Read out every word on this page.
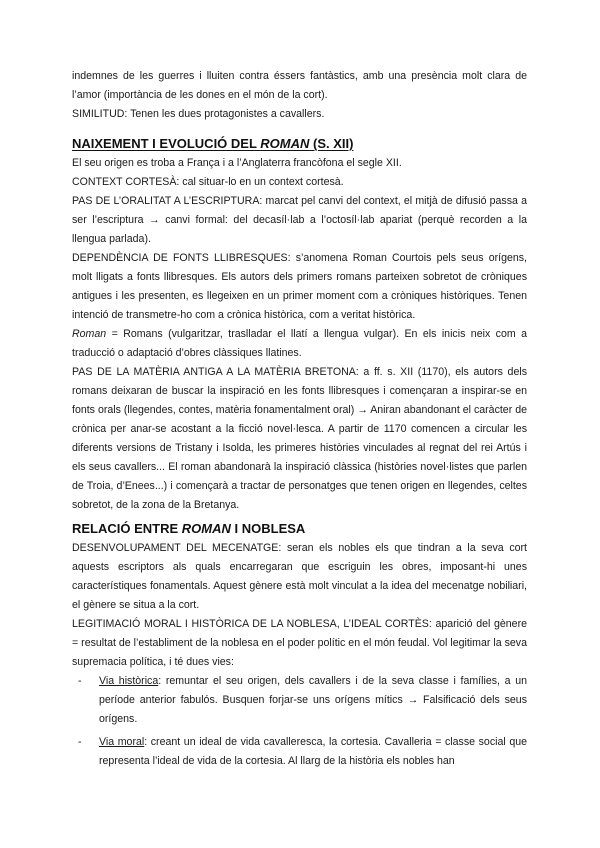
indemnes de les guerres i lluiten contra éssers fantàstics, amb una presència molt clara de l’amor (importància de les dones en el món de la cort).

SIMILITUD: Tenen les dues protagonistes a cavallers.

NAIXEMENT I EVOLUCIÓ DEL ROMAN (S. XII)

El seu origen es troba a França i a l’Anglaterra francòfona el segle XII.

CONTEXT CORTESÀ: cal situar-lo en un context cortesà.

PAS DE L’ORALITAT A L’ESCRIPTURA: marcat pel canvi del context, el mitjà de difusió passa a ser l’escriptura → canvi formal: del decasíl·lab a l’octosíl·lab apariat (perquè recorden a la llengua parlada).

DEPENDÈNCIA DE FONTS LLIBRESQUES: s’anomena Roman Courtois pels seus orígens, molt lligats a fonts llibresques. Els autors dels primers romans parteixen sobretot de cròniques antigues i les presenten, es llegeixen en un primer moment com a cròniques històriques. Tenen intenció de transmetre-ho com a crònica històrica, com a veritat històrica.

Roman = Romans (vulgaritzar, traslladar el llatí a llengua vulgar). En els inicis neix com a traducció o adaptació d’obres clàssiques llatines.

PAS DE LA MATÈRIA ANTIGA A LA MATÈRIA BRETONA: a ff. s. XII (1170), els autors dels romans deixaran de buscar la inspiració en les fonts llibresques i començaran a inspirar-se en fonts orals (llegendes, contes, matèria fonamentalment oral) → Aniran abandonant el caràcter de crònica per anar-se acostant a la ficció novel·lesca. A partir de 1170 comencen a circular les diferents versions de Tristany i Isolda, les primeres històries vinculades al regnat del rei Artús i els seus cavallers... El roman abandonarà la inspiració clàssica (històries novel·listes que parlen de Troia, d’Enees...) i començarà a tractar de personatges que tenen origen en llegendes, celtes sobretot, de la zona de la Bretanya.

RELACIÓ ENTRE ROMAN I NOBLESA

DESENVOLUPAMENT DEL MECENATGE: seran els nobles els que tindran a la seva cort aquests escriptors als quals encarregaran que escriguin les obres, imposant-hi unes característiques fonamentals. Aquest gènere està molt vinculat a la idea del mecenatge nobiliari, el gènere se situa a la cort.

LEGITIMACIÓ MORAL I HISTÒRICA DE LA NOBLESA, L’IDEAL CORTÈS: aparició del gènere = resultat de l’establiment de la noblesa en el poder polític en el món feudal. Vol legitimar la seva supremacia política, i té dues vies:

- Via històrica: remuntar el seu origen, dels cavallers i de la seva classe i famílies, a un període anterior fabulós. Busquen forjar-se uns orígens mítics → Falsificació dels seus orígens.
- Via moral: creant un ideal de vida cavalleresca, la cortesia. Cavalleria = classe social que representa l’ideal de vida de la cortesia. Al llarg de la història els nobles han
